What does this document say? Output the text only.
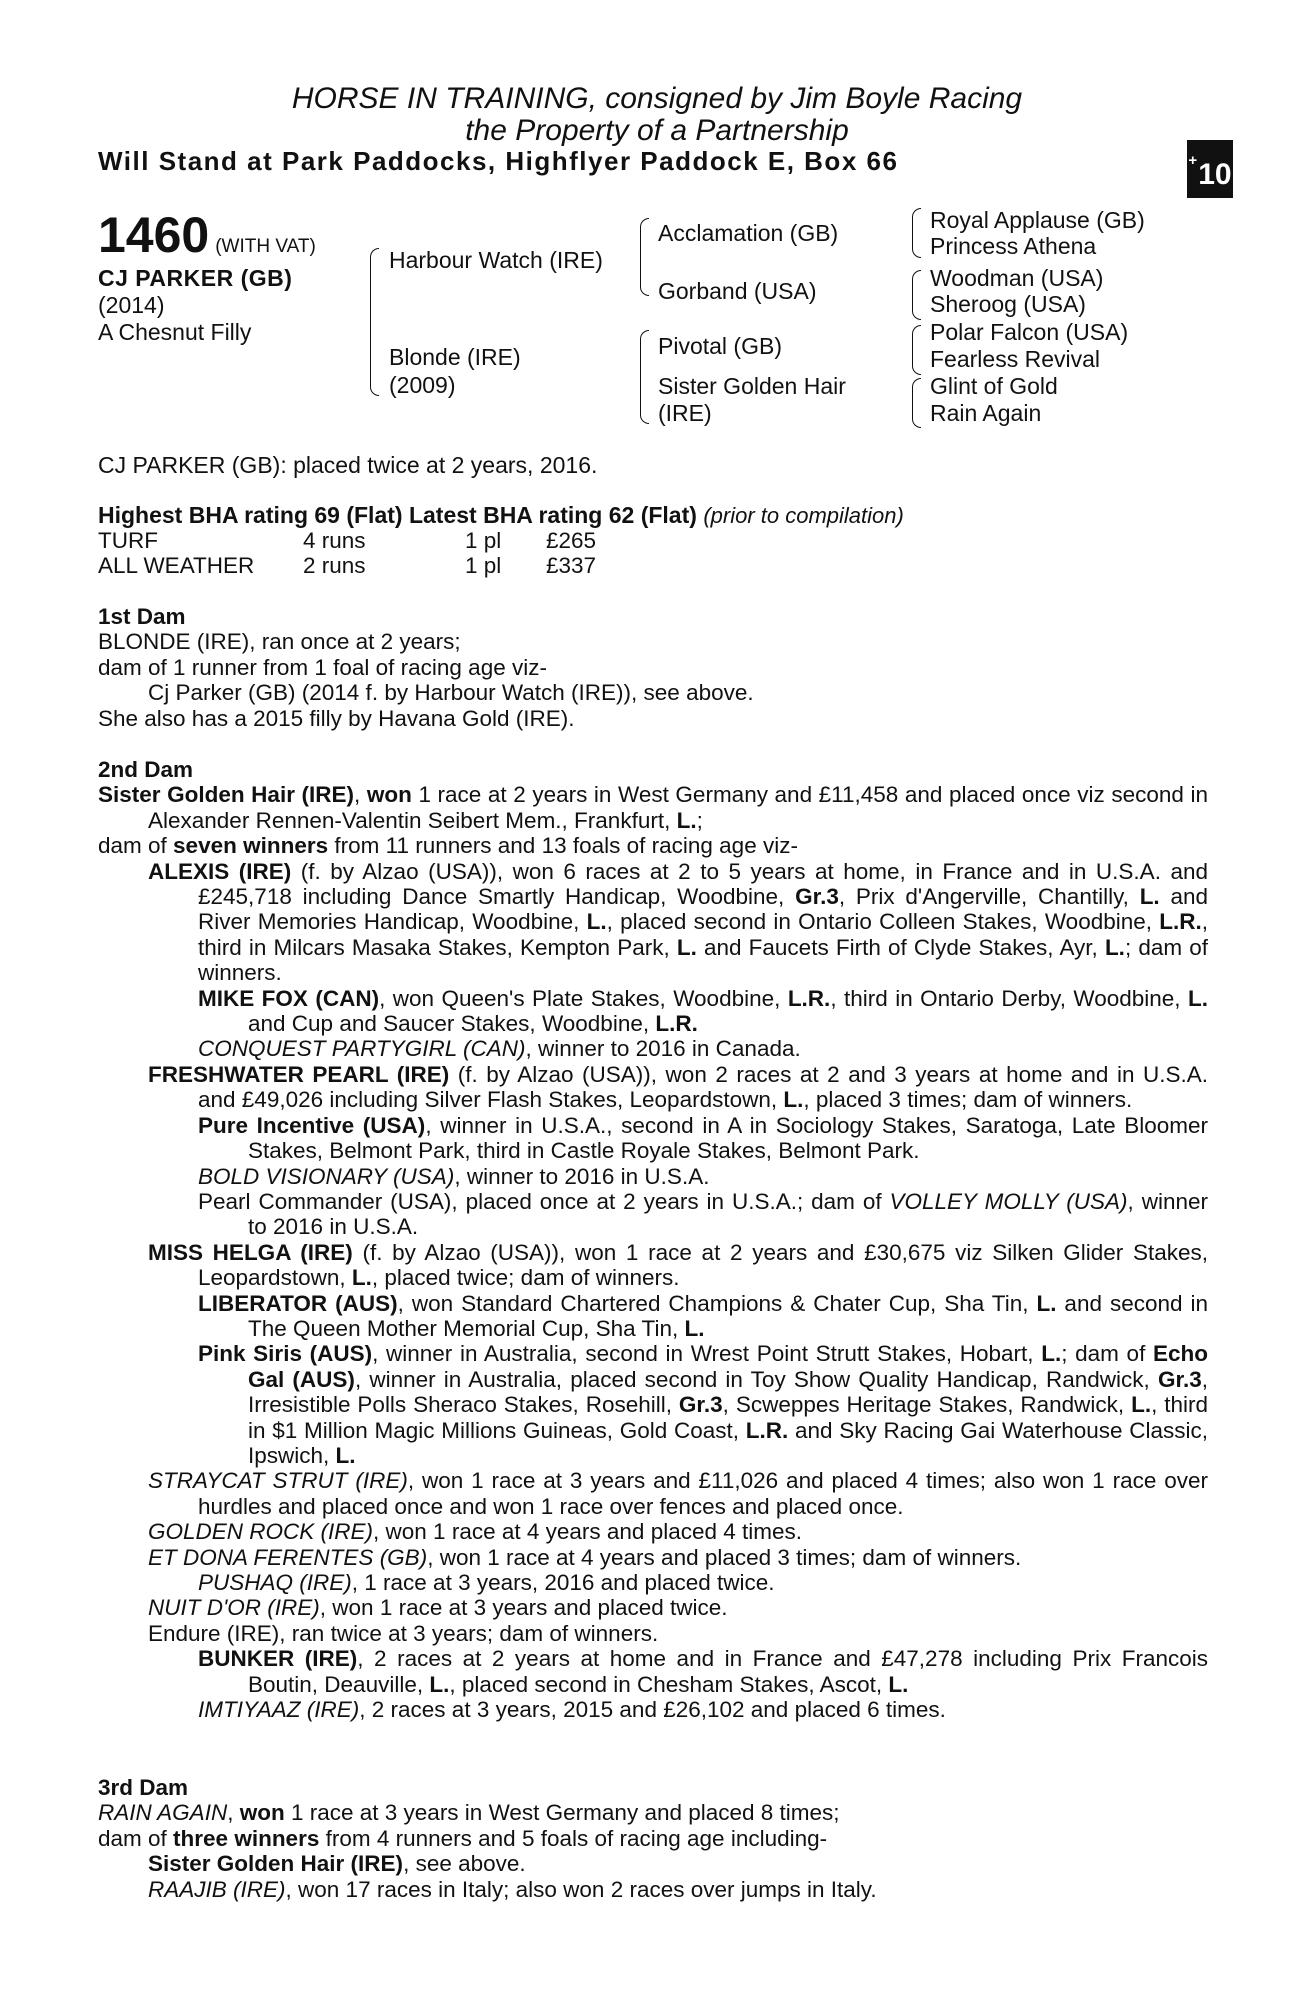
HORSE IN TRAINING, consigned by Jim Boyle Racing
the Property of a Partnership
Will Stand at Park Paddocks, Highflyer Paddock E, Box 66	+10
1460 (WITH VAT)
CJ PARKER (GB)
(2014)
A Chesnut Filly
Harbour Watch (IRE)
Blonde (IRE)
(2009)
Acclamation (GB)
Gorband (USA)
Pivotal (GB)
Sister Golden Hair
(IRE)
Royal Applause (GB)
Princess Athena
Woodman (USA)
Sheroog (USA)
Polar Falcon (USA)
Fearless Revival
Glint of Gold
Rain Again
CJ PARKER (GB): placed twice at 2 years, 2016.
Highest BHA rating 69 (Flat) Latest BHA rating 62 (Flat) (prior to compilation)
TURF	4 runs	1 pl £265
ALL WEATHER 2 runs	1 pl £337

1st Dam

BLONDE (IRE), ran once at 2 years;

dam of 1 runner from 1 foal of racing age viz-

Cj Parker (GB) (2014 f. by Harbour Watch (IRE)), see above.

She also has a 2015 filly by Havana Gold (IRE).

2nd Dam

Sister Golden Hair (IRE), won 1 race at 2 years in West Germany and £11,458 and placed once viz second in Alexander Rennen-Valentin Seibert Mem., Frankfurt, L.;

dam of seven winners from 11 runners and 13 foals of racing age viz-

ALEXIS (IRE) (f. by Alzao (USA)), won 6 races at 2 to 5 years at home, in France and in U.S.A. and £245,718 including Dance Smartly Handicap, Woodbine, Gr.3, Prix d'Angerville, Chantilly, L. and River Memories Handicap, Woodbine, L., placed second in Ontario Colleen Stakes, Woodbine, L.R., third in Milcars Masaka Stakes, Kempton Park, L. and Faucets Firth of Clyde Stakes, Ayr, L.; dam of winners.

MIKE FOX (CAN), won Queen's Plate Stakes, Woodbine, L.R., third in Ontario Derby, Woodbine, L. and Cup and Saucer Stakes, Woodbine, L.R.

CONQUEST PARTYGIRL (CAN), winner to 2016 in Canada.

FRESHWATER PEARL (IRE) (f. by Alzao (USA)), won 2 races at 2 and 3 years at home and in U.S.A. and £49,026 including Silver Flash Stakes, Leopardstown, L., placed 3 times; dam of winners.

Pure Incentive (USA), winner in U.S.A., second in A in Sociology Stakes, Saratoga, Late Bloomer Stakes, Belmont Park, third in Castle Royale Stakes, Belmont Park.

BOLD VISIONARY (USA), winner to 2016 in U.S.A.

Pearl Commander (USA), placed once at 2 years in U.S.A.; dam of VOLLEY MOLLY (USA), winner to 2016 in U.S.A.

MISS HELGA (IRE) (f. by Alzao (USA)), won 1 race at 2 years and £30,675 viz Silken Glider Stakes, Leopardstown, L., placed twice; dam of winners.

LIBERATOR (AUS), won Standard Chartered Champions & Chater Cup, Sha Tin, L. and second in The Queen Mother Memorial Cup, Sha Tin, L.

Pink Siris (AUS), winner in Australia, second in Wrest Point Strutt Stakes, Hobart, L.; dam of Echo Gal (AUS), winner in Australia, placed second in Toy Show Quality Handicap, Randwick, Gr.3, Irresistible Polls Sheraco Stakes, Rosehill, Gr.3, Scweppes Heritage Stakes, Randwick, L., third in $1 Million Magic Millions Guineas, Gold Coast, L.R. and Sky Racing Gai Waterhouse Classic, Ipswich, L.

STRAYCAT STRUT (IRE), won 1 race at 3 years and £11,026 and placed 4 times; also won 1 race over hurdles and placed once and won 1 race over fences and placed once.

GOLDEN ROCK (IRE), won 1 race at 4 years and placed 4 times.

ET DONA FERENTES (GB), won 1 race at 4 years and placed 3 times; dam of winners.

PUSHAQ (IRE), 1 race at 3 years, 2016 and placed twice.

NUIT D'OR (IRE), won 1 race at 3 years and placed twice.

Endure (IRE), ran twice at 3 years; dam of winners.

BUNKER (IRE), 2 races at 2 years at home and in France and £47,278 including Prix Francois Boutin, Deauville, L., placed second in Chesham Stakes, Ascot, L.

IMTIYAAZ (IRE), 2 races at 3 years, 2015 and £26,102 and placed 6 times.

3rd Dam

RAIN AGAIN, won 1 race at 3 years in West Germany and placed 8 times;

dam of three winners from 4 runners and 5 foals of racing age including-

Sister Golden Hair (IRE), see above.

RAAJIB (IRE), won 17 races in Italy; also won 2 races over jumps in Italy.
